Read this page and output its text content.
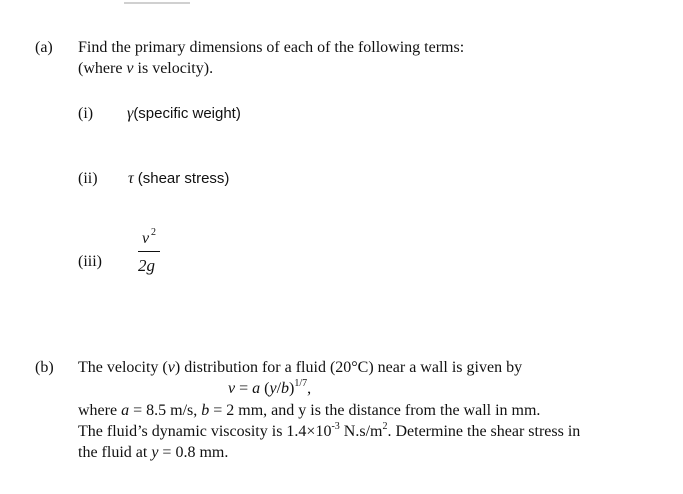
(a) Find the primary dimensions of each of the following terms:
(where v is velocity).
(i) γ(specific weight)
(ii) τ (shear stress)
(iii)
v 2
2g
(b) The velocity (v) distribution for a fluid (20°C) near a wall is given by
v = a $(y/b)^{1/7}$,
where a = 8.5 m/s, b = 2 mm, and y is the distance from the wall in mm.
The fluid’s dynamic viscosity is $1.4\times 10^{-3}$ $N.s/m^2$. Determine the shear stress in
the fluid at y = 0.8 mm.
